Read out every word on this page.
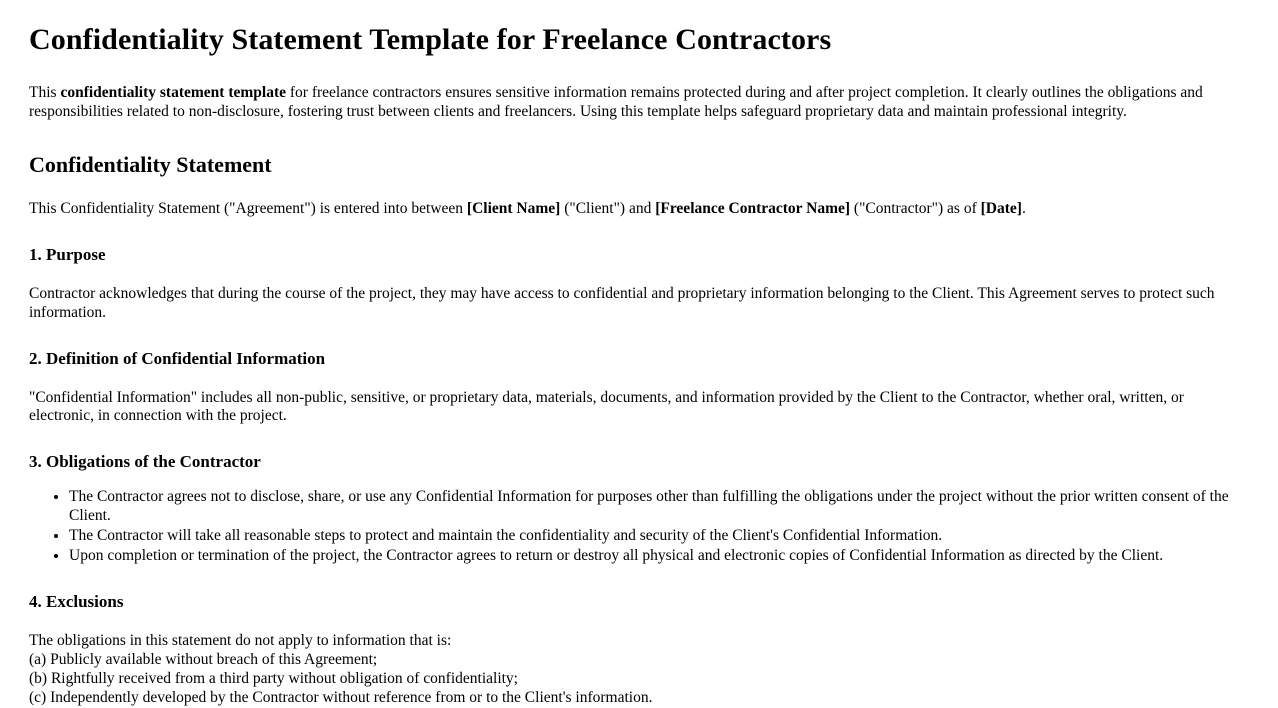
Confidentiality Statement Template for Freelance Contractors

This confidentiality statement template for freelance contractors ensures sensitive information remains protected during and after project completion. It clearly outlines the obligations and responsibilities related to non-disclosure, fostering trust between clients and freelancers. Using this template helps safeguard proprietary data and maintain professional integrity.

Confidentiality Statement

This Confidentiality Statement ("Agreement") is entered into between [Client Name] ("Client") and [Freelance Contractor Name] ("Contractor") as of [Date].

1. Purpose

Contractor acknowledges that during the course of the project, they may have access to confidential and proprietary information belonging to the Client. This Agreement serves to protect such information.

2. Definition of Confidential Information

"Confidential Information" includes all non-public, sensitive, or proprietary data, materials, documents, and information provided by the Client to the Contractor, whether oral, written, or electronic, in connection with the project.

3. Obligations of the Contractor
• The Contractor agrees not to disclose, share, or use any Confidential Information for purposes other than fulfilling the obligations under the project without the prior written consent of the Client.
• The Contractor will take all reasonable steps to protect and maintain the confidentiality and security of the Client's Confidential Information.
• Upon completion or termination of the project, the Contractor agrees to return or destroy all physical and electronic copies of Confidential Information as directed by the Client.
4. Exclusions

The obligations in this statement do not apply to information that is:

(a) Publicly available without breach of this Agreement;

(b) Rightfully received from a third party without obligation of confidentiality;

(c) Independently developed by the Contractor without reference from or to the Client's information.
